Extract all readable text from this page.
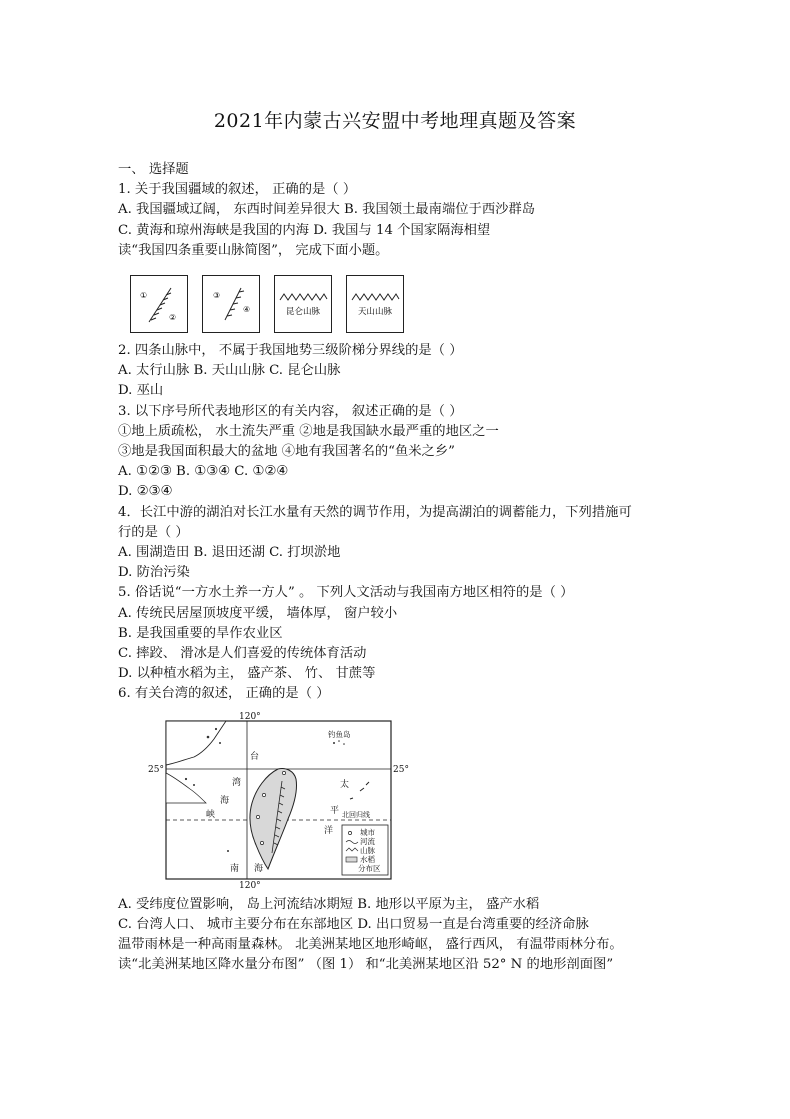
2021年内蒙古兴安盟中考地理真题及答案
一、 选择题
1. 关于我国疆域的叙述， 正确的是（ ）
A. 我国疆域辽阔， 东西时间差异很大 B. 我国领土最南端位于西沙群岛
C. 黄海和琼州海峡是我国的内海 D. 我国与 14 个国家隔海相望
读“我国四条重要山脉简图”， 完成下面小题。
①
②
③
④	昆仑山脉	天山山脉
2. 四条山脉中， 不属于我国地势三级阶梯分界线的是（ ）
A. 太行山脉 B. 天山山脉 C. 昆仑山脉
D. 巫山
3. 以下序号所代表地形区的有关内容， 叙述正确的是（ ）
①地上质疏松， 水土流失严重 ②地是我国缺水最严重的地区之一
③地是我国面积最大的盆地 ④地有我国著名的“鱼米之乡”
A. ①②③ B. ①③④ C. ①②④
D. ②③④
4．长江中游的湖泊对长江水量有天然的调节作用，为提高湖泊的调蓄能力，下列措施可
行的是（ ）
A. 围湖造田 B. 退田还湖 C. 打坝淤地
D. 防治污染
5. 俗话说“一方水土养一方人” 。 下列人文活动与我国南方地区相符的是（ ）
A. 传统民居屋顶坡度平缓， 墙体厚， 窗户较小
B. 是我国重要的旱作农业区
C. 摔跤、 滑冰是人们喜爱的传统体育活动
D. 以种植水稻为主， 盛产茶、 竹、 甘蔗等
6. 有关台湾的叙述， 正确的是（ ）
城市
河流
山脉
水稻
分布区
120°
120°
25°	25°
钓鱼岛
台
湾
海
峡
南 海
太
平
洋
北回归线
A. 受纬度位置影响， 岛上河流结冰期短 B. 地形以平原为主， 盛产水稻
C. 台湾人口、 城市主要分布在东部地区 D. 出口贸易一直是台湾重要的经济命脉
温带雨林是一种高雨量森林。 北美洲某地区地形崎岖， 盛行西风， 有温带雨林分布。
读“北美洲某地区降水量分布图” （图 1） 和“北美洲某地区沿 52° N 的地形剖面图”
